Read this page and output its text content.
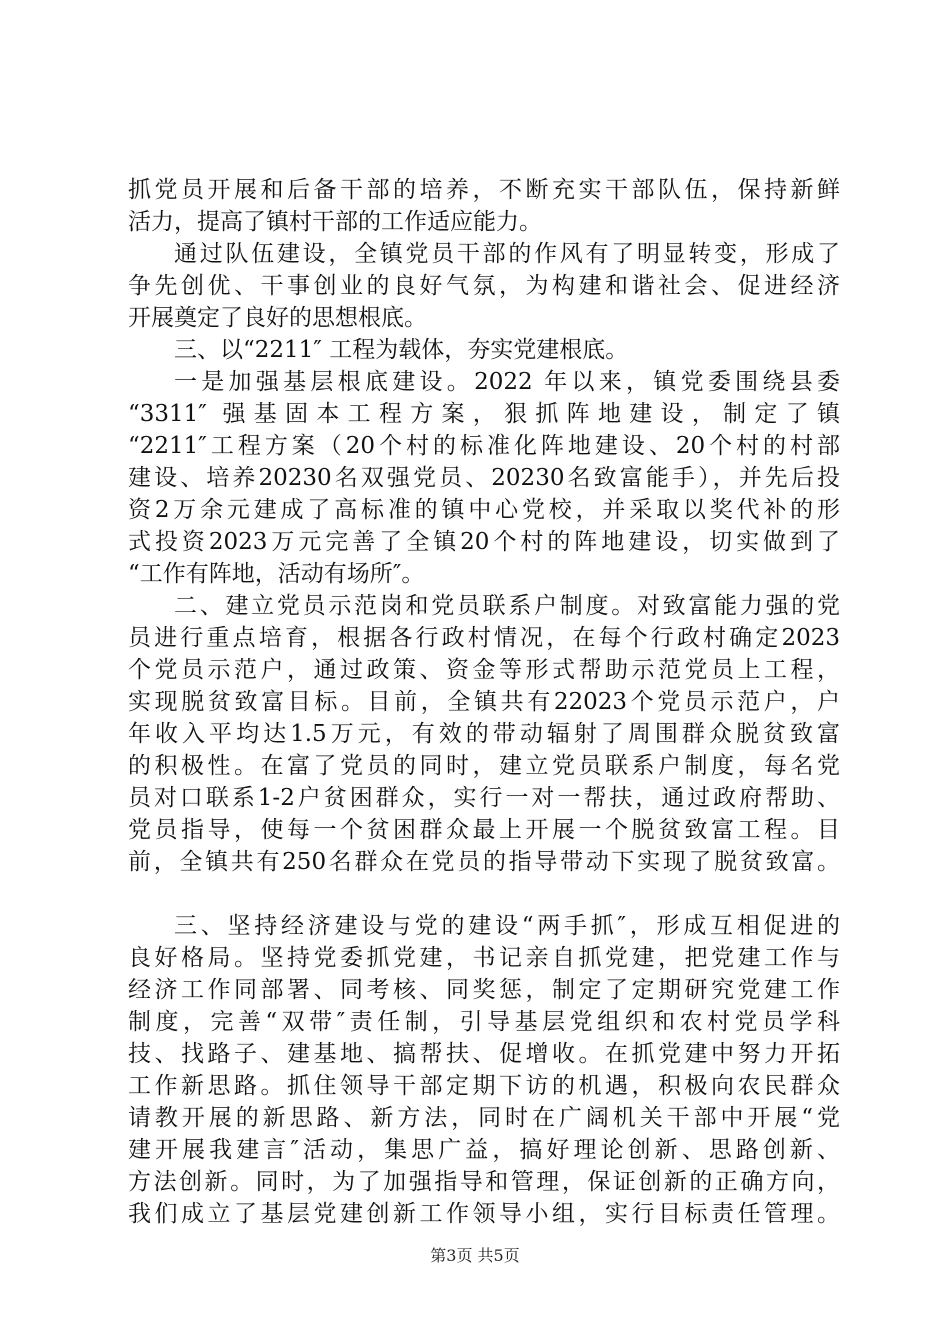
抓党员开展和后备干部的培养，不断充实干部队伍，保持新鲜
活力，提高了镇村干部的工作适应能力。
通过队伍建设，全镇党员干部的作风有了明显转变，形成了
争先创优、干事创业的良好气氛，为构建和谐社会、促进经济
开展奠定了良好的思想根底。
三、以“2211″ 工程为载体，夯实党建根底。
一是加强基层根底建设。2022 年以来，镇党委围绕县委
“3311″ 强基固本工程方案，狠抓阵地建设，制定了镇
“2211″工程方案（20个村的标准化阵地建设、20个村的村部
建设、培养20230名双强党员、20230名致富能手），并先后投
资2万余元建成了高标准的镇中心党校，并采取以奖代补的形
式投资2023万元完善了全镇20个村的阵地建设，切实做到了
“工作有阵地，活动有场所″。
二、建立党员示范岗和党员联系户制度。对致富能力强的党
员进行重点培育，根据各行政村情况，在每个行政村确定2023
个党员示范户，通过政策、资金等形式帮助示范党员上工程，
实现脱贫致富目标。目前，全镇共有22023个党员示范户，户
年收入平均达1.5万元，有效的带动辐射了周围群众脱贫致富
的积极性。在富了党员的同时，建立党员联系户制度，每名党
员对口联系1-2户贫困群众，实行一对一帮扶，通过政府帮助、
党员指导，使每一个贫困群众最上开展一个脱贫致富工程。目
前，全镇共有250名群众在党员的指导带动下实现了脱贫致富。
三、坚持经济建设与党的建设“两手抓″，形成互相促进的
良好格局。坚持党委抓党建，书记亲自抓党建，把党建工作与
经济工作同部署、同考核、同奖惩，制定了定期研究党建工作
制度，完善“双带″责任制，引导基层党组织和农村党员学科
技、找路子、建基地、搞帮扶、促增收。在抓党建中努力开拓
工作新思路。抓住领导干部定期下访的机遇，积极向农民群众
请教开展的新思路、新方法，同时在广阔机关干部中开展“党
建开展我建言″活动，集思广益，搞好理论创新、思路创新、
方法创新。同时，为了加强指导和管理，保证创新的正确方向，
我们成立了基层党建创新工作领导小组，实行目标责任管理。
第3页 共5页
